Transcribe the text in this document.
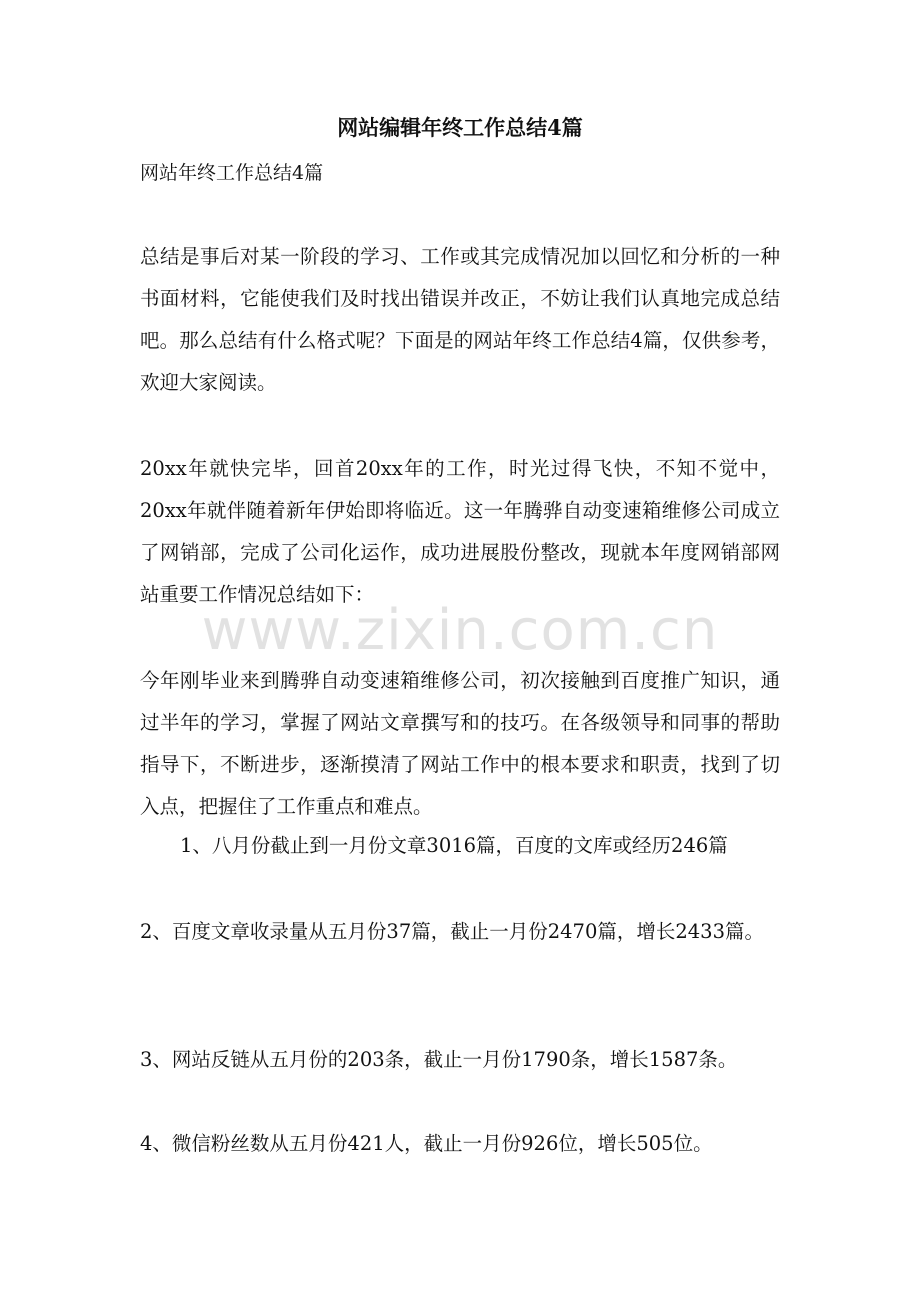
网站编辑年终工作总结4篇

网站年终工作总结4篇

总结是事后对某一阶段的学习、工作或其完成情况加以回忆和分析的一种书面材料，它能使我们及时找出错误并改正，不妨让我们认真地完成总结吧。那么总结有什么格式呢？下面是的网站年终工作总结4篇，仅供参考，欢迎大家阅读。

20xx年就快完毕，回首20xx年的工作，时光过得飞快，不知不觉中，20xx年就伴随着新年伊始即将临近。这一年腾骅自动变速箱维修公司成立了网销部，完成了公司化运作，成功进展股份整改，现就本年度网销部网站重要工作情况总结如下：

今年刚毕业来到腾骅自动变速箱维修公司，初次接触到百度推广知识，通过半年的学习，掌握了网站文章撰写和的技巧。在各级领导和同事的帮助指导下，不断进步，逐渐摸清了网站工作中的根本要求和职责，找到了切入点，把握住了工作重点和难点。

1、八月份截止到一月份文章3016篇，百度的文库或经历246篇

2、百度文章收录量从五月份37篇，截止一月份2470篇，增长2433篇。

3、网站反链从五月份的203条，截止一月份1790条，增长1587条。

4、微信粉丝数从五月份421人，截止一月份926位，增长505位。

www.zixin.com.cn
